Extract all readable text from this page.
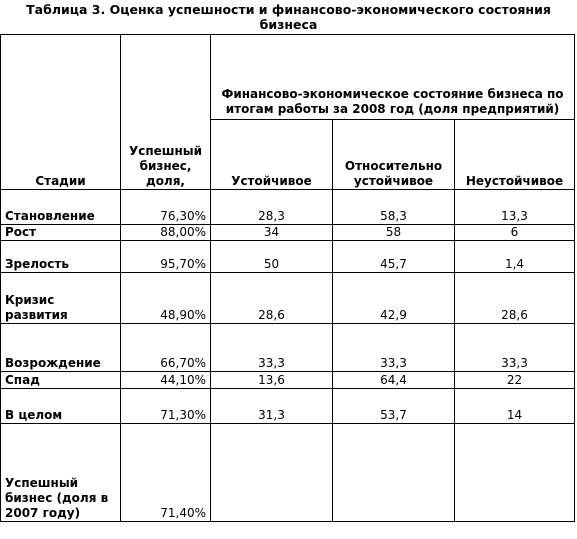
Таблица 3. Оценка успешности и финансово-экономического состояния
бизнеса
Стадии	Успешный бизнес, доля,	Финансово-экономическое состояние бизнеса по итогам работы за 2008 год (доля предприятий)		
		Устойчивое	Относительно устойчивое	Неустойчивое
Становление	76,30%	28,3	58,3	13,3
Рост	88,00%	34	58	6
Зрелость	95,70%	50	45,7	1,4
Кризис развития	48,90%	28,6	42,9	28,6
Возрождение	66,70%	33,3	33,3	33,3
Спад	44,10%	13,6	64,4	22
В целом	71,30%	31,3	53,7	14
Успешный бизнес (доля в 2007 году)	71,40%			
